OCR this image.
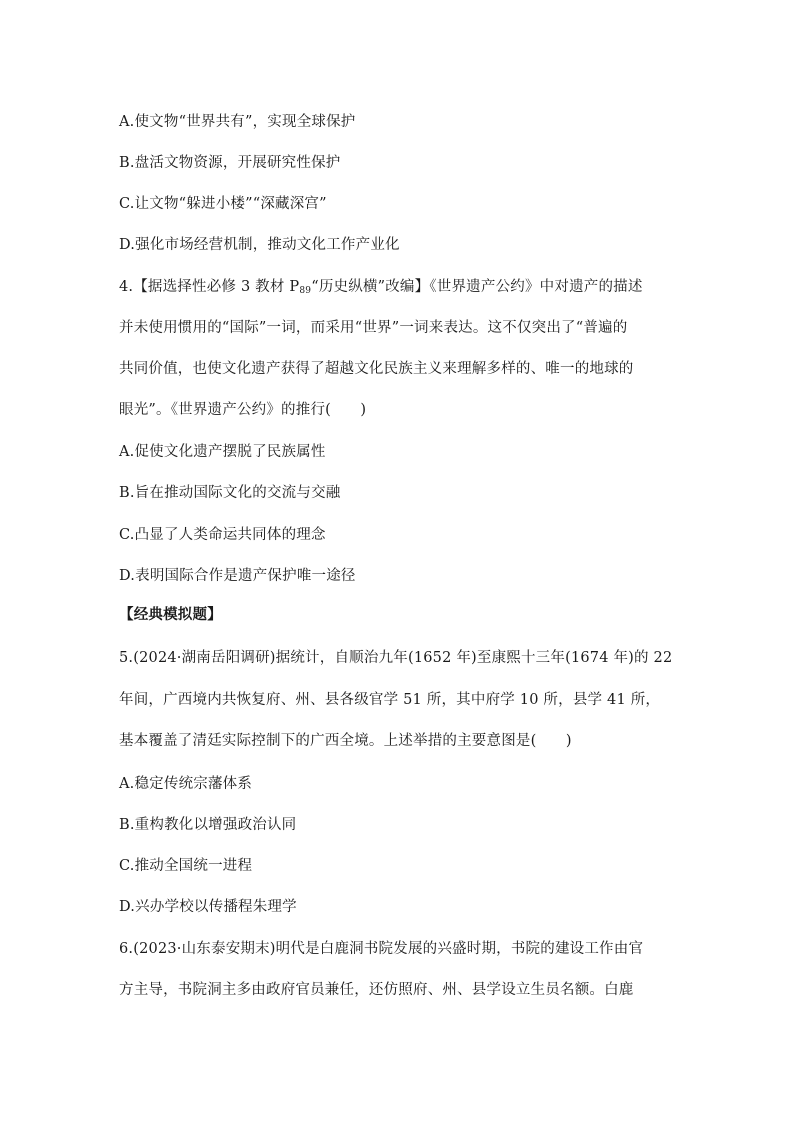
A.使文物“世界共有”，实现全球保护
B.盘活文物资源，开展研究性保护
C.让文物“躲进小楼”“深藏深宫”
D.强化市场经营机制，推动文化工作产业化
4.【据选择性必修 3 教材 $P_{89}“$历史纵横”改编】《世界遗产公约》中对遗产的描述
并未使用惯用的“国际”一词，而采用“世界”一词来表达。这不仅突出了“普遍的
共同价值，也使文化遗产获得了超越文化民族主义来理解多样的、唯一的地球的
眼光”。《世界遗产公约》的推行(　　)
A.促使文化遗产摆脱了民族属性
B.旨在推动国际文化的交流与交融
C.凸显了人类命运共同体的理念
D.表明国际合作是遗产保护唯一途径
【经典模拟题】
5.(2024·湖南岳阳调研)据统计，自顺治九年(1652 年)至康熙十三年(1674 年)的 22
年间，广西境内共恢复府、州、县各级官学 51 所，其中府学 10 所，县学 41 所，
基本覆盖了清廷实际控制下的广西全境。上述举措的主要意图是(　　)
A.稳定传统宗藩体系
B.重构教化以增强政治认同
C.推动全国统一进程
D.兴办学校以传播程朱理学
6.(2023·山东泰安期末)明代是白鹿洞书院发展的兴盛时期，书院的建设工作由官
方主导，书院洞主多由政府官员兼任，还仿照府、州、县学设立生员名额。白鹿
